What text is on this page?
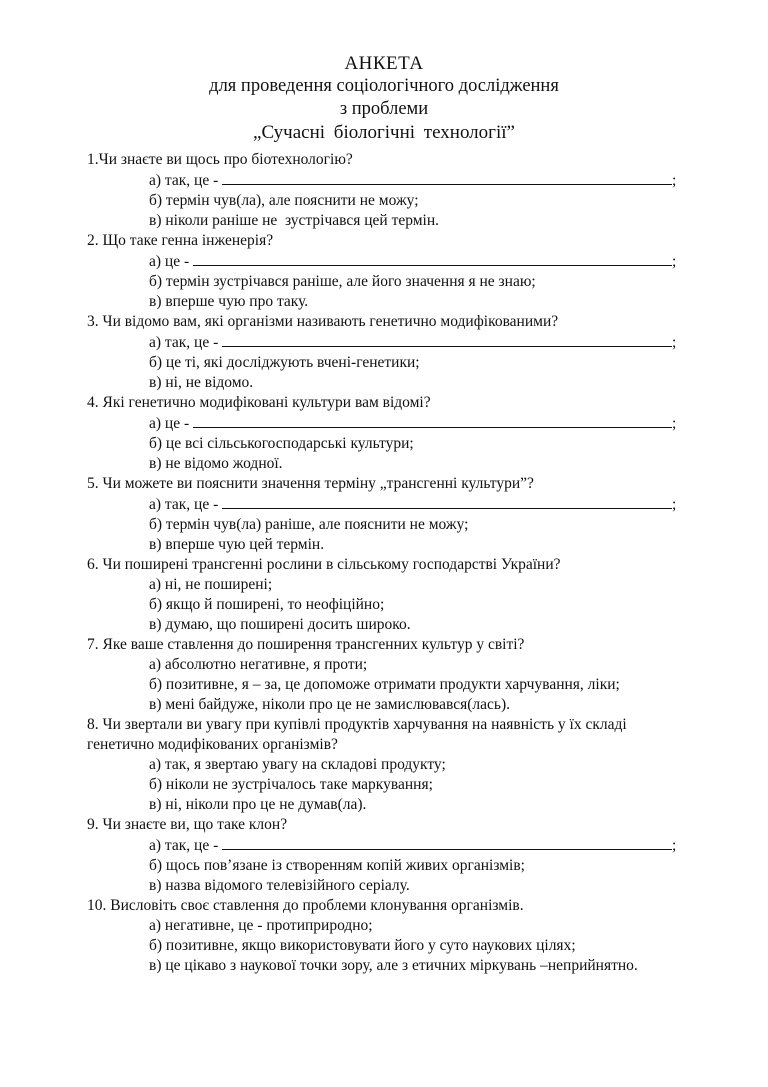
АНКЕТА
для проведення соціологічного дослідження
з проблеми
„Сучасні біологічні технології”
1.Чи знаєте ви щось про біотехнологію?
а) так, це -	;
б) термін чув(ла), але пояснити не можу;
в) ніколи раніше не  зустрічався цей термін.
2. Що таке генна інженерія?
а) це -	;
б) термін зустрічався раніше, але його значення я не знаю;
в) вперше чую про таку.
3. Чи відомо вам, які організми називають генетично модифікованими?
а) так, це -	;
б) це ті, які досліджують вчені-генетики;
в) ні, не відомо.
4. Які генетично модифіковані культури вам відомі?
а) це -	;
б) це всі сільськогосподарські культури;
в) не відомо жодної.
5. Чи можете ви пояснити значення терміну „трансгенні культури”?
а) так, це -	;
б) термін чув(ла) раніше, але пояснити не можу;
в) вперше чую цей термін.
6. Чи поширені трансгенні рослини в сільському господарстві України?
а) ні, не поширені;
б) якщо й поширені, то неофіційно;
в) думаю, що поширені досить широко.
7. Яке ваше ставлення до поширення трансгенних культур у світі?
а) абсолютно негативне, я проти;
б) позитивне, я – за, це допоможе отримати продукти харчування, ліки;
в) мені байдуже, ніколи про це не замислювався(лась).
8. Чи звертали ви увагу при купівлі продуктів харчування на наявність у їх складі генетично модифікованих організмів?
а) так, я звертаю увагу на складові продукту;
б) ніколи не зустрічалось таке маркування;
в) ні, ніколи про це не думав(ла).
9. Чи знаєте ви, що таке клон?
а) так, це -	;
б) щось пов’язане із створенням копій живих організмів;
в) назва відомого телевізійного серіалу.
10. Висловіть своє ставлення до проблеми клонування організмів.
а) негативне, це - протиприродно;
б) позитивне, якщо використовувати його у суто наукових цілях;
в) це цікаво з наукової точки зору, але з етичних міркувань –неприйнятно.
